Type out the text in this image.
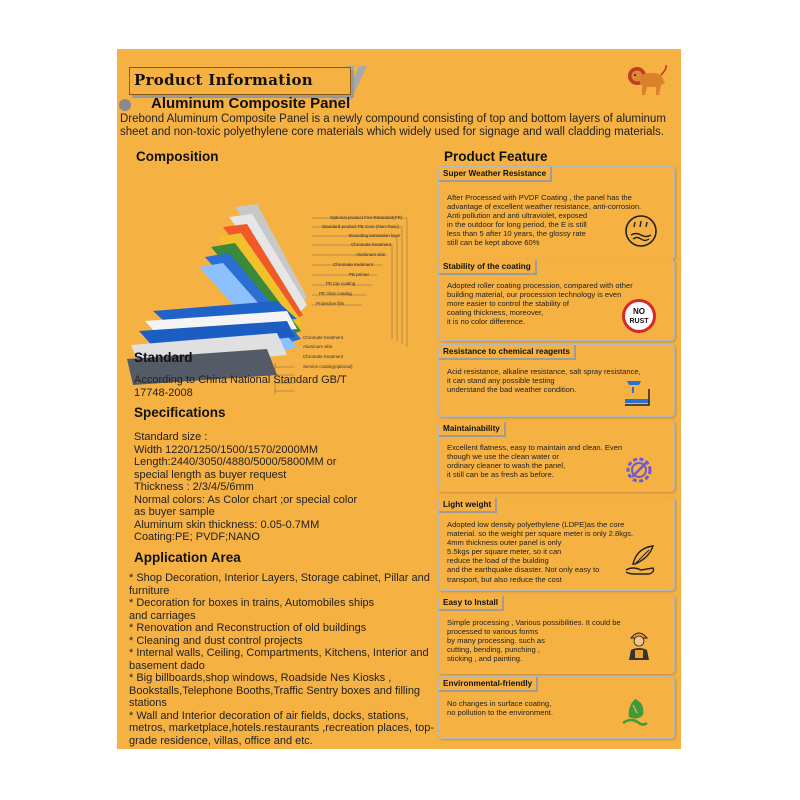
Product Information
Aluminum Composite Panel
Drebond Aluminum Composite Panel is a newly compound consisting of top and bottom layers of aluminum sheet and non-toxic polyethylene core materials which widely used for signage and wall cladding materials.
Composition
Optional product Fire-Retardant(FR)
Standard product PE Core (Non-Toxic)
Bounding lamination layer
Chromate treatment
Aluminum skin
Chromate treatment
PE primer
PE top coating
PE clear coating
Protective film
Chromate treatment
Aluminum skin
Chromate treatment
Service coating(optional)
Standard

According to China National Standard GB/T

17748-2008

Specifications

Standard size :

Width 1220/1250/1500/1570/2000MM

Length:2440/3050/4880/5000/5800MM or

special length as buyer request

Thickness : 2/3/4/5/6mm

Normal colors: As Color chart ;or special color

as buyer sample

Aluminum skin thickness: 0.05-0.7MM

Coating:PE; PVDF;NANO

Application Area

* Shop Decoration, Interior Layers, Storage cabinet, Pillar and

furniture

* Decoration for boxes in trains, Automobiles ships

and carriages

* Renovation and Reconstruction of old buildings

* Cleaning and dust control projects

* Internal walls, Ceiling, Compartments, Kitchens, Interior and

basement dado

* Big billboards,shop windows, Roadside Nes Kiosks ,

Bookstalls,Telephone Booths,Traffic Sentry boxes and filling

stations

* Wall and Interior decoration of air fields, docks, stations,

metros, marketplace,hotels.restaurants ,recreation places, top-

grade residence, villas, office and etc.

Product Feature
Super Weather Resistance

After Processed with PVDF Coating , the panel has the

advantage of excellent weather resistance, anti-corrosion.

Anti pollution and anti ultraviolet, exposed

in the outdoor for long period, the E is still

less than 5 after 10 years, the glossy rate

still can be kept above 60%

Stability of the coating

Adopted roller coating procession, compared with other

building material, our procession technology is even

more easier to control the stability of

coating thickness, moreover,

it is no color difference.

NO
RUST
Resistance to chemical reagents

Acid resistance, alkaline resistance, salt spray resistance,

it can stand any possible testing

understand the bad weather condition.

Maintainability

Excellent flatness, easy to maintain and clean. Even

though we use the clean water or

ordinary cleaner to wash the panel,

it still can be as fresh as before.

Light weight

Adopted low density polyethylene (LDPE)as the core

material. so the weight per square meter is only 2.8kgs.

4mm thickness outer panel is only

5.5kgs per square meter, so it can

reduce the load of the building

and the earthquake disaster. Not only easy to

transport, but also reduce the cost

Easy to Install

Simple processing , Various possibilities. It could be

processed to various forms

by many processing. such as

cutting, bending, punching ,

sticking , and painting.

Environmental-friendly

No changes in surface coating,

no pollution to the environment.
